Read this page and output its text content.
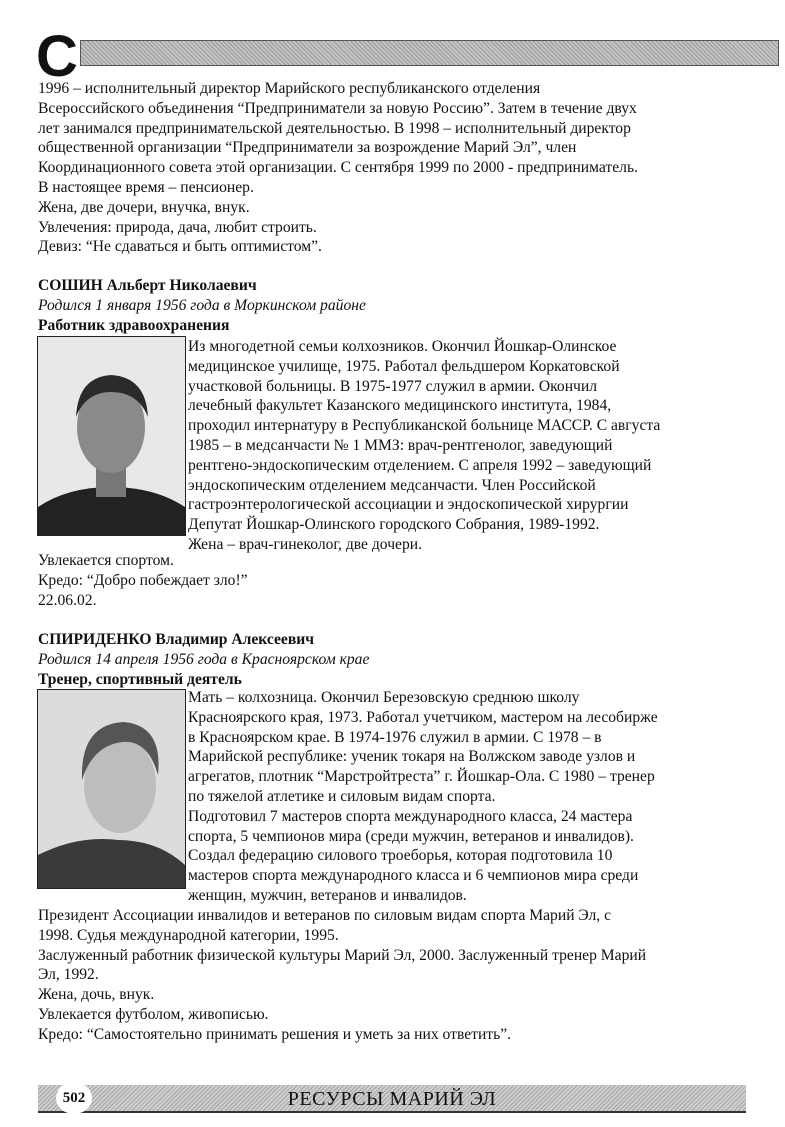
С
1996 – исполнительный директор Марийского республиканского отделения
Всероссийского объединения “Предприниматели за новую Россию”. Затем в течение двух
лет занимался предпринимательской деятельностью. В 1998 – исполнительный директор
общественной организации “Предприниматели за возрождение Марий Эл”, член
Координационного совета этой организации. С сентября 1999 по 2000 - предприниматель.
В настоящее время – пенсионер.
Жена, две дочери, внучка, внук.
Увлечения: природа, дача, любит строить.
Девиз: “Не сдаваться и быть оптимистом”.
СОШИН Альберт Николаевич
Родился 1 января 1956 года в Моркинском районе
Работник здравоохранения
Из многодетной семьи колхозников. Окончил Йошкар-Олинское
медицинское училище, 1975. Работал фельдшером Коркатовской
участковой больницы. В 1975-1977 служил в армии. Окончил
лечебный факультет Казанского медицинского института, 1984,
проходил интернатуру в Республиканской больнице МАССР. С августа
1985 – в медсанчасти № 1 ММЗ: врач-рентгенолог, заведующий
рентгено-эндоскопическим отделением. С апреля 1992 – заведующий
эндоскопическим отделением медсанчасти. Член Российской
гастроэнтерологической ассоциации и эндоскопической хирургии
Депутат Йошкар-Олинского городского Собрания, 1989-1992.
Жена – врач-гинеколог, две дочери.
Увлекается спортом.
Кредо: “Добро побеждает зло!”
22.06.02.
СПИРИДЕНКО Владимир Алексеевич
Родился 14 апреля 1956 года в Красноярском крае
Тренер, спортивный деятель
Мать – колхозница. Окончил Березовскую среднюю школу
Красноярского края, 1973. Работал учетчиком, мастером на лесобирже
в Красноярском крае. В 1974-1976 служил в армии. С 1978 – в
Марийской республике: ученик токаря на Волжском заводе узлов и
агрегатов, плотник “Марстройтреста” г. Йошкар-Ола. С 1980 – тренер
по тяжелой атлетике и силовым видам спорта.
Подготовил 7 мастеров спорта международного класса, 24 мастера
спорта, 5 чемпионов мира (среди мужчин, ветеранов и инвалидов).
Создал федерацию силового троеборья, которая подготовила 10
мастеров спорта международного класса и 6 чемпионов мира среди
женщин, мужчин, ветеранов и инвалидов.
Президент Ассоциации инвалидов и ветеранов по силовым видам спорта Марий Эл, с
1998. Судья международной категории, 1995.
Заслуженный работник физической культуры Марий Эл, 2000. Заслуженный тренер Марий
Эл, 1992.
Жена, дочь, внук.
Увлекается футболом, живописью.
Кредо: “Самостоятельно принимать решения и уметь за них ответить”.
502	РЕСУРСЫ МАРИЙ ЭЛ
